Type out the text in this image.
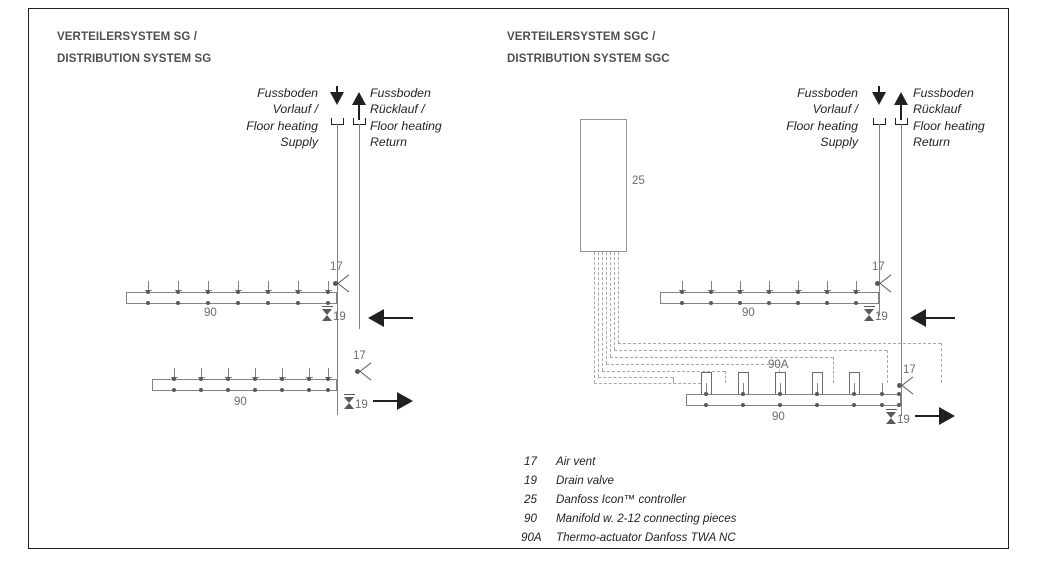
VERTEILERSYSTEM SG /
DISTRIBUTION SYSTEM SG
Fussboden
Vorlauf /
Floor heating
Supply
Fussboden
Rücklauf /
Floor heating
Return
90
17
19
90
17
19
VERTEILERSYSTEM SGC /
DISTRIBUTION SYSTEM SGC
Fussboden
Vorlauf /
Floor heating
Supply
Fussboden
Rücklauf
Floor heating
Return
25
90
17
19
90A
90
17
19
17 Air vent
19 Drain valve
25 Danfoss Icon™ controller
90 Manifold w. 2-12 connecting pieces
90A Thermo-actuator Danfoss TWA NC
